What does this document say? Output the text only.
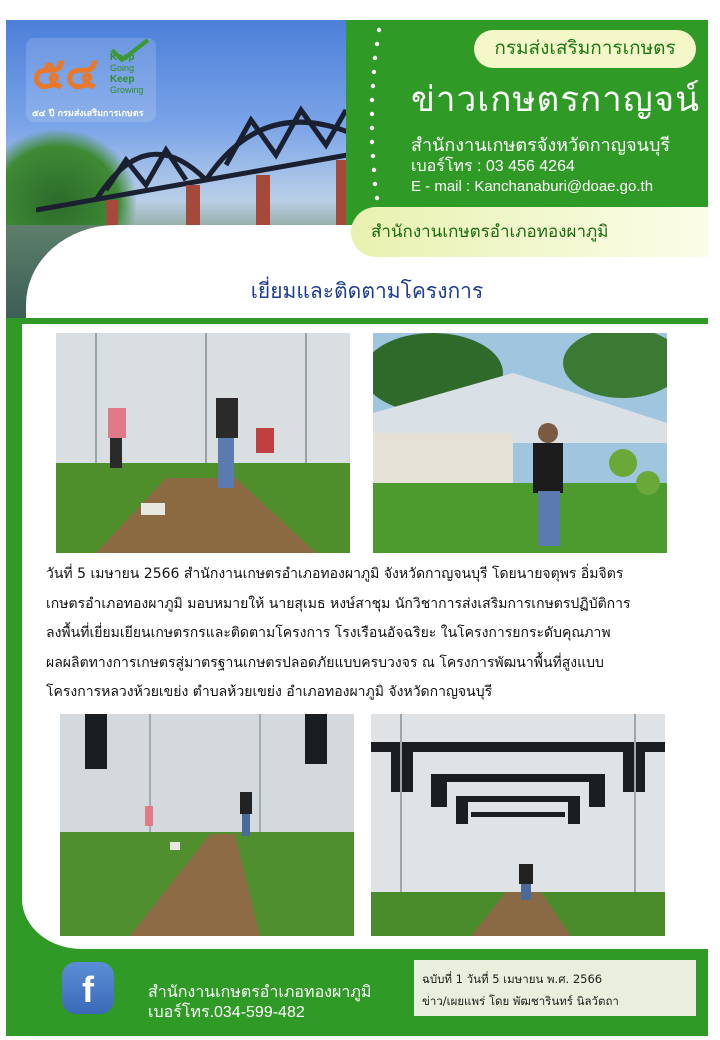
๕๔ Keep
Going
Keep
Growing
๕๔ ปี กรมส่งเสริมการเกษตร
กรมส่งเสริมการเกษตร
ข่าวเกษตรกาญจน์
สำนักงานเกษตรจังหวัดกาญจนบุรี
เบอร์โทร : 03 456 4264
E - mail : Kanchanaburi@doae.go.th
สำนักงานเกษตรอำเภอทองผาภูมิ
เยี่ยมและติดตามโครงการ
วันที่ 5 เมษายน 2566 สำนักงานเกษตรอำเภอทองผาภูมิ จังหวัดกาญจนบุรี โดยนายจตุพร อิ่มจิตร
เกษตรอำเภอทองผาภูมิ มอบหมายให้ นายสุเมธ หงษ์สาชุม นักวิชาการส่งเสริมการเกษตรปฏิบัติการ
ลงพื้นที่เยี่ยมเยียนเกษตรกรและติดตามโครงการ โรงเรือนอัจฉริยะ ในโครงการยกระดับคุณภาพ
ผลผลิตทางการเกษตรสู่มาตรฐานเกษตรปลอดภัยแบบครบวงจร ณ โครงการพัฒนาพื้นที่สูงแบบ
โครงการหลวงห้วยเขย่ง ตำบลห้วยเขย่ง อำเภอทองผาภูมิ จังหวัดกาญจนบุรี
f	สำนักงานเกษตรอำเภอทองผาภูมิ
เบอร์โทร.034-599-482
ฉบับที่ 1 วันที่ 5 เมษายน พ.ศ. 2566
ข่าว/เผยแพร่ โดย พัฒชารินทร์ นิลวัตถา
